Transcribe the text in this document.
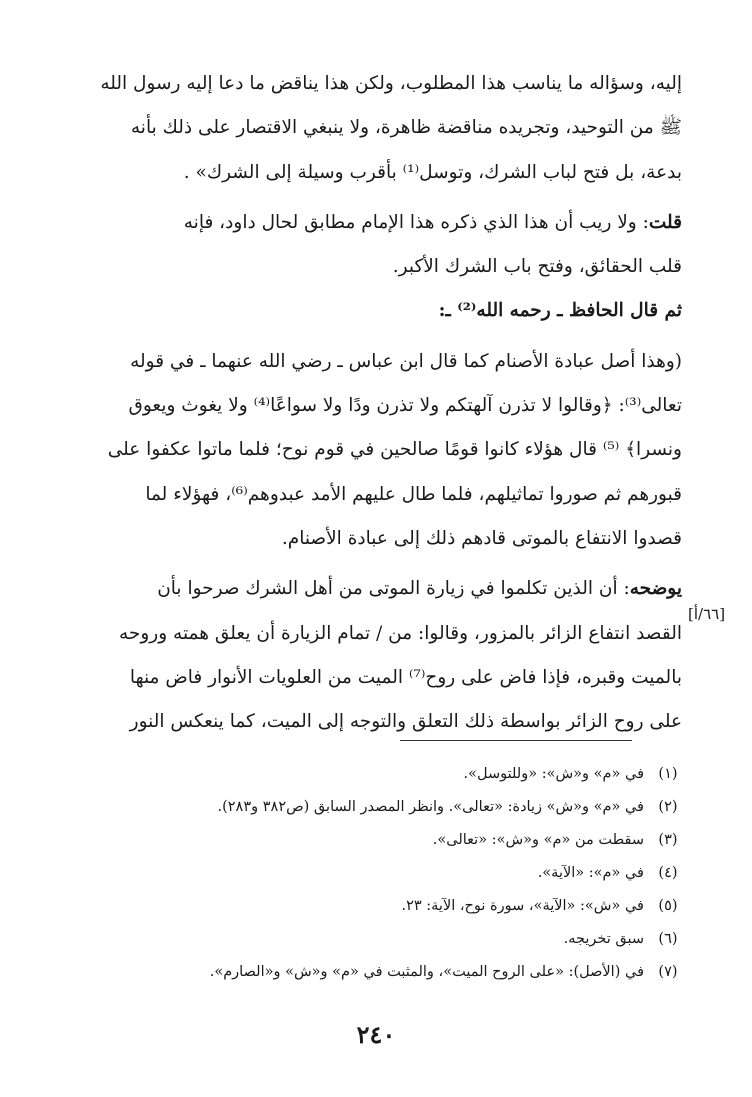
إليه، وسؤاله ما يناسب هذا المطلوب، ولكن هذا يناقض ما دعا إليه رسول الله
ﷺ من التوحيد، وتجريده مناقضة ظاهرة، ولا ينبغي الاقتصار على ذلك بأنه
بدعة، بل فتح لباب الشرك، وتوسل⁽¹⁾ بأقرب وسيلة إلى الشرك» .

قلت: ولا ريب أن هذا الذي ذكره هذا الإمام مطابق لحال داود، فإنه
قلب الحقائق، وفتح باب الشرك الأكبر.

ثم قال الحافظ ـ رحمه الله⁽²⁾ ـ:

(وهذا أصل عبادة الأصنام كما قال ابن عباس ـ رضي الله عنهما ـ في قوله
تعالى⁽³⁾: ﴿وقالوا لا تذرن آلهتكم ولا تذرن ودًا ولا سواعًا⁽⁴⁾ ولا يغوث ويعوق
ونسرا﴾ ⁽⁵⁾ قال هؤلاء كانوا قومًا صالحين في قوم نوح؛ فلما ماتوا عكفوا على
قبورهم ثم صوروا تماثيلهم، فلما طال عليهم الأمد عبدوهم⁽⁶⁾، فهؤلاء لما
قصدوا الانتفاع بالموتى قادهم ذلك إلى عبادة الأصنام.

يوضحه: أن الذين تكلموا في زيارة الموتى من أهل الشرك صرحوا بأن
القصد انتفاع الزائر بالمزور، وقالوا: من / تمام الزيارة أن يعلق همته وروحه
بالميت وقبره، فإذا فاض على روح⁽⁷⁾ الميت من العلويات الأنوار فاض منها
على روح الزائر بواسطة ذلك التعلق والتوجه إلى الميت، كما ينعكس النور

[٦٦/أ]
(١)
في «م» و«ش»: «وللتوسل».
(٢)
في «م» و«ش» زيادة: «تعالى». وانظر المصدر السابق (ص٣٨٢ و٢٨٣).
(٣)
سقطت من «م» و«ش»: «تعالى».
(٤)
في «م»: «الآية».
(٥)
في «ش»: «الآية»، سورة نوح، الآية: ٢٣.
(٦)
سبق تخريجه.
(٧)
في (الأصل): «على الروح الميت»، والمثبت في «م» و«ش» و«الصارم».
٢٤٠
